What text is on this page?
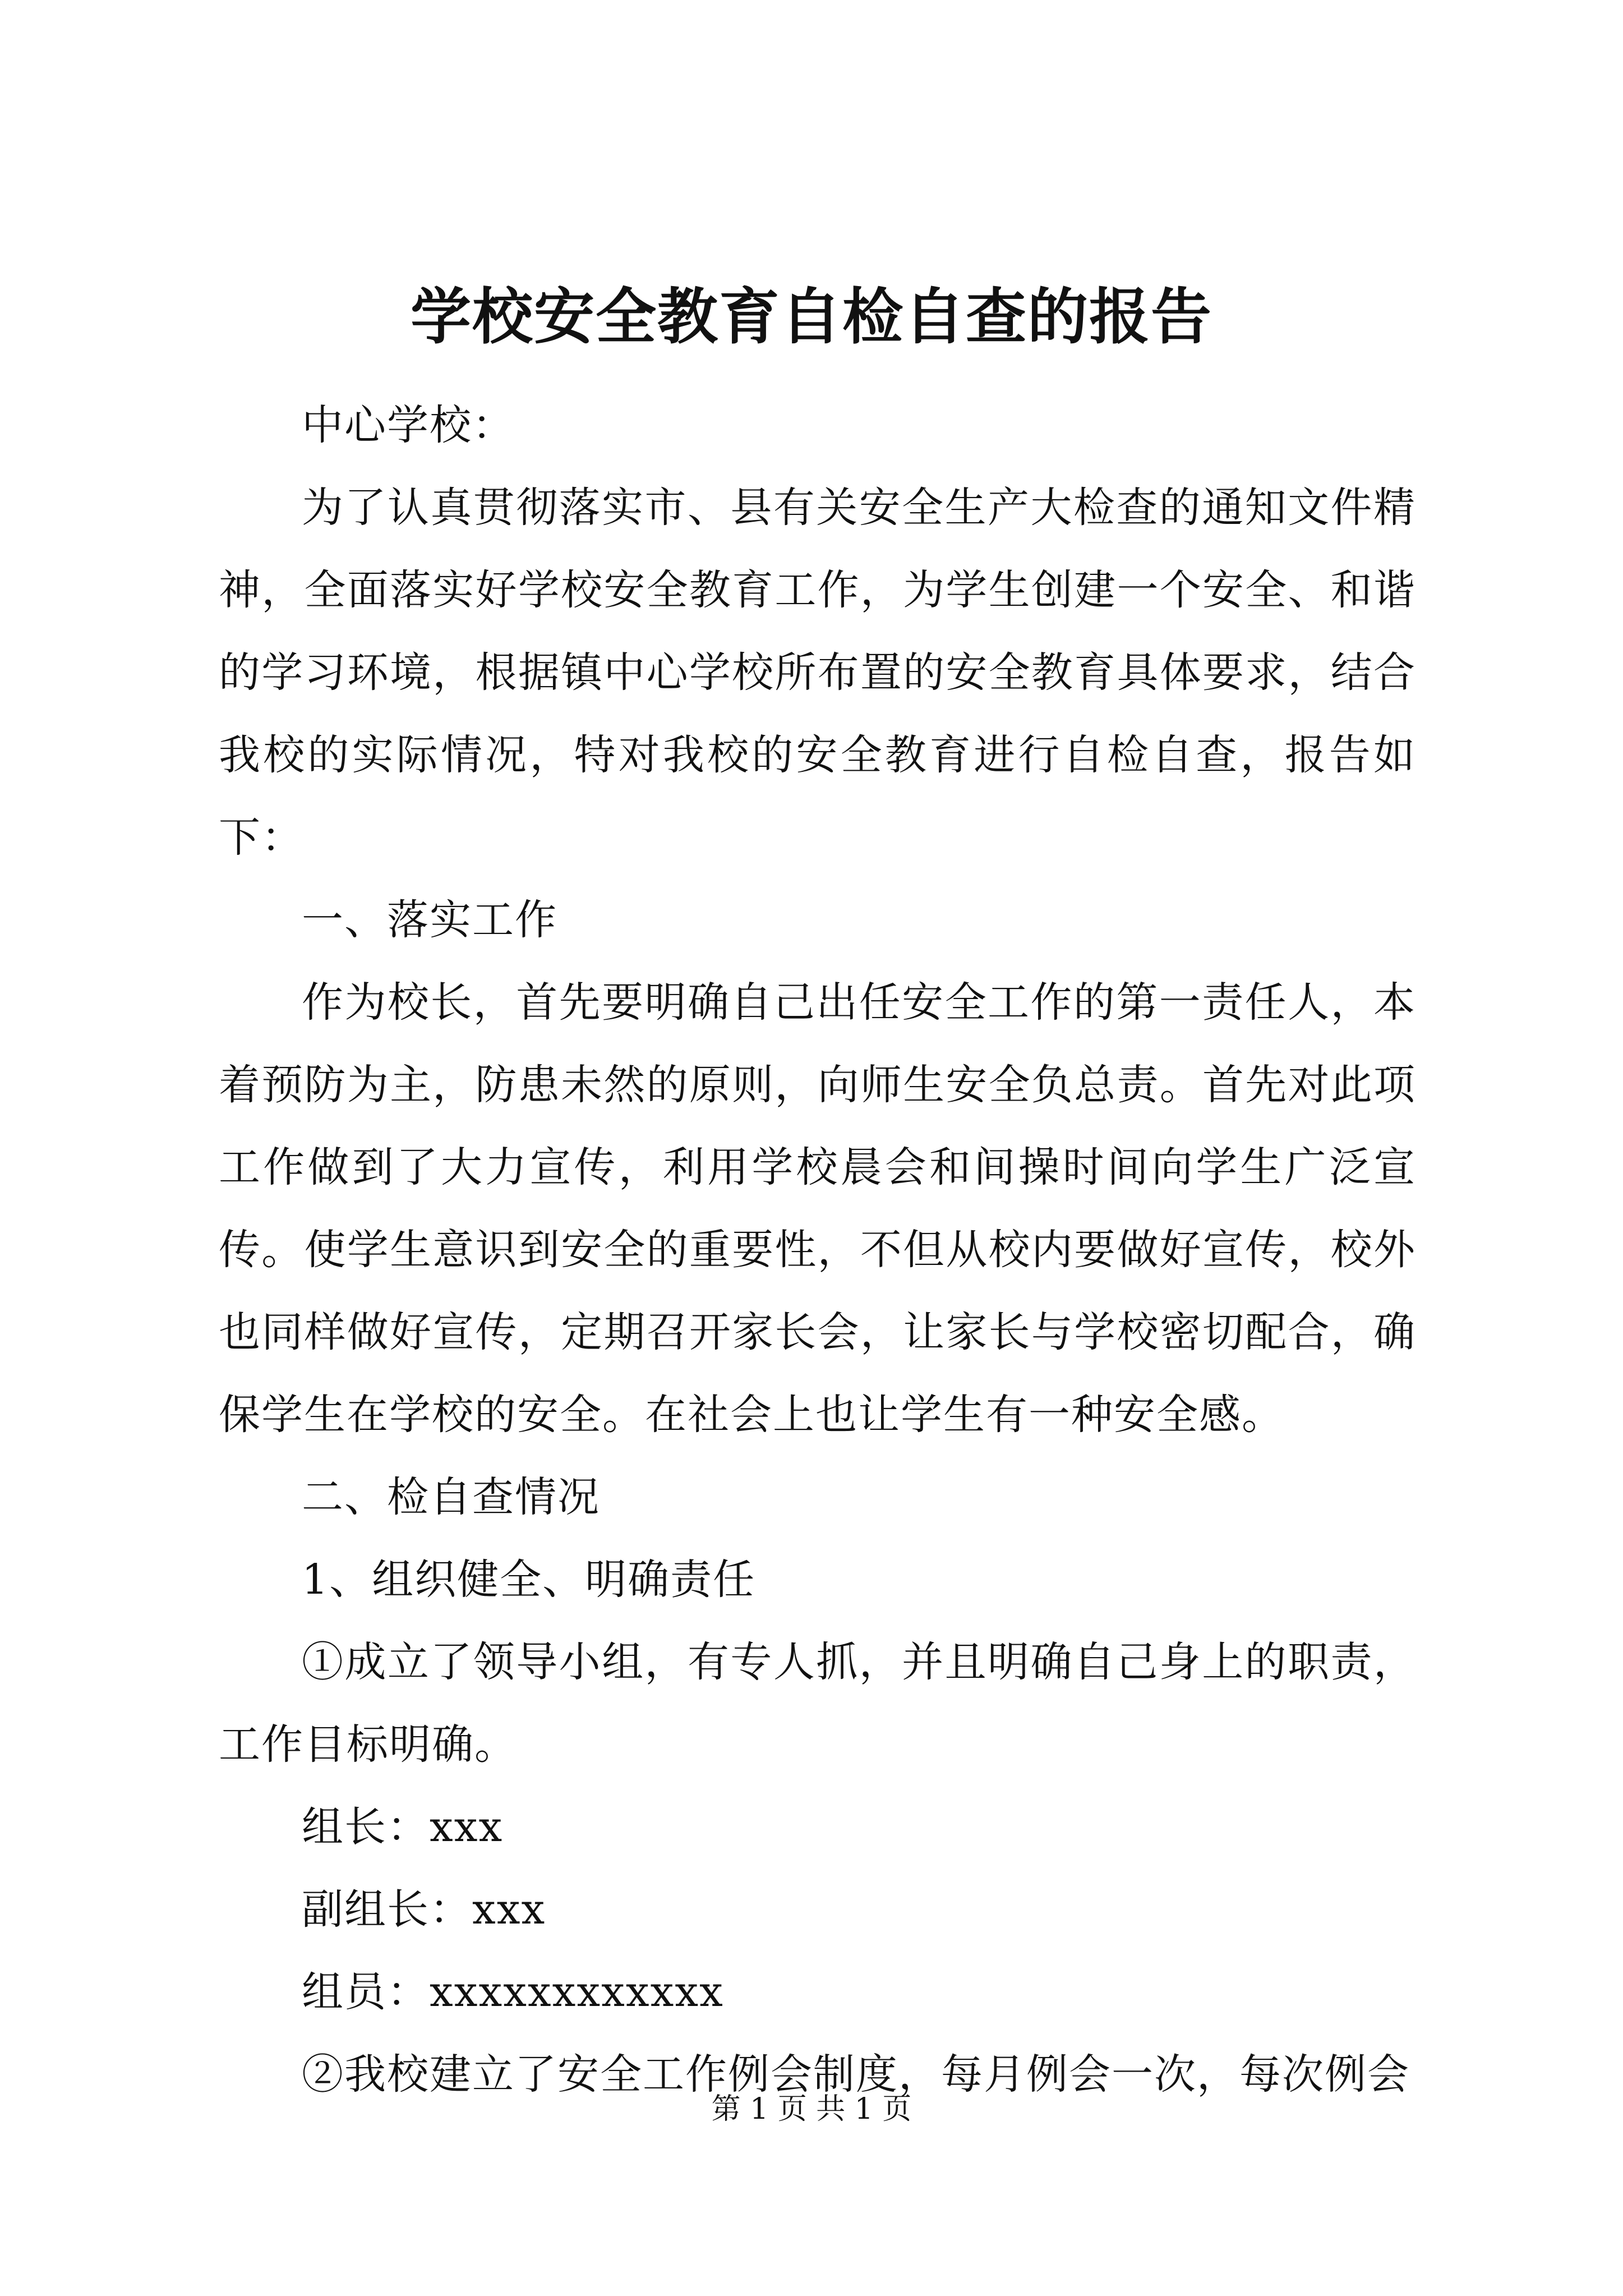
学校安全教育自检自查的报告

中心学校：

为了认真贯彻落实市、县有关安全生产大检查的通知文件精神，全面落实好学校安全教育工作，为学生创建一个安全、和谐的学习环境，根据镇中心学校所布置的安全教育具体要求，结合我校的实际情况，特对我校的安全教育进行自检自查，报告如下：

一、落实工作

作为校长，首先要明确自己出任安全工作的第一责任人，本着预防为主，防患未然的原则，向师生安全负总责。首先对此项工作做到了大力宣传，利用学校晨会和间操时间向学生广泛宣传。使学生意识到安全的重要性，不但从校内要做好宣传，校外也同样做好宣传，定期召开家长会，让家长与学校密切配合，确保学生在学校的安全。在社会上也让学生有一种安全感。

二、检自查情况

1、组织健全、明确责任

①成立了领导小组，有专人抓，并且明确自己身上的职责，工作目标明确。

组长：xxx

副组长：xxx

组员：xxxxxxxxxxxx

②我校建立了安全工作例会制度，每月例会一次，每次例会

第 1 页 共 1 页
